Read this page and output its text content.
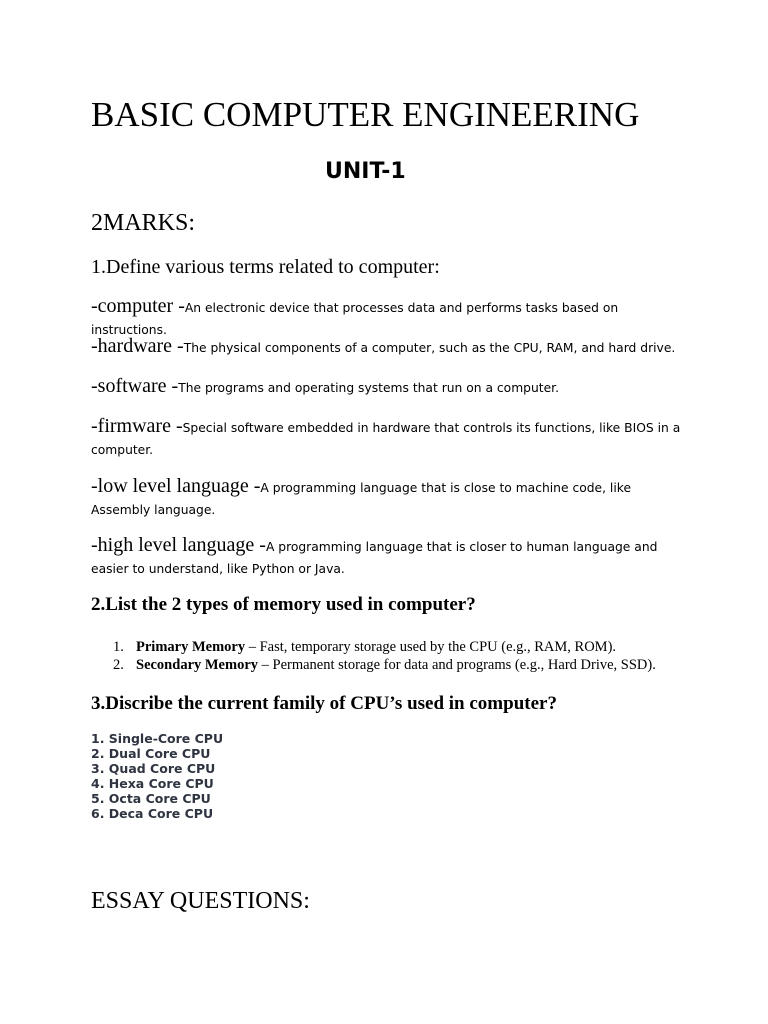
BASIC COMPUTER ENGINEERING
UNIT-1
2MARKS:
1.Define various terms related to computer:
-computer -An electronic device that processes data and performs tasks based on instructions.
-hardware -The physical components of a computer, such as the CPU, RAM, and hard drive.
-software -The programs and operating systems that run on a computer.
-firmware -Special software embedded in hardware that controls its functions, like BIOS in a computer.
-low level language -A programming language that is close to machine code, like Assembly language.
-high level language -A programming language that is closer to human language and easier to understand, like Python or Java.
2.List the 2 types of memory used in computer?
1. Primary Memory – Fast, temporary storage used by the CPU (e.g., RAM, ROM).
2. Secondary Memory – Permanent storage for data and programs (e.g., Hard Drive, SSD).
3.Discribe the current family of CPU’s used in computer?
1. Single-Core CPU
2. Dual Core CPU
3. Quad Core CPU
4. Hexa Core CPU
5. Octa Core CPU
6. Deca Core CPU
ESSAY QUESTIONS:
